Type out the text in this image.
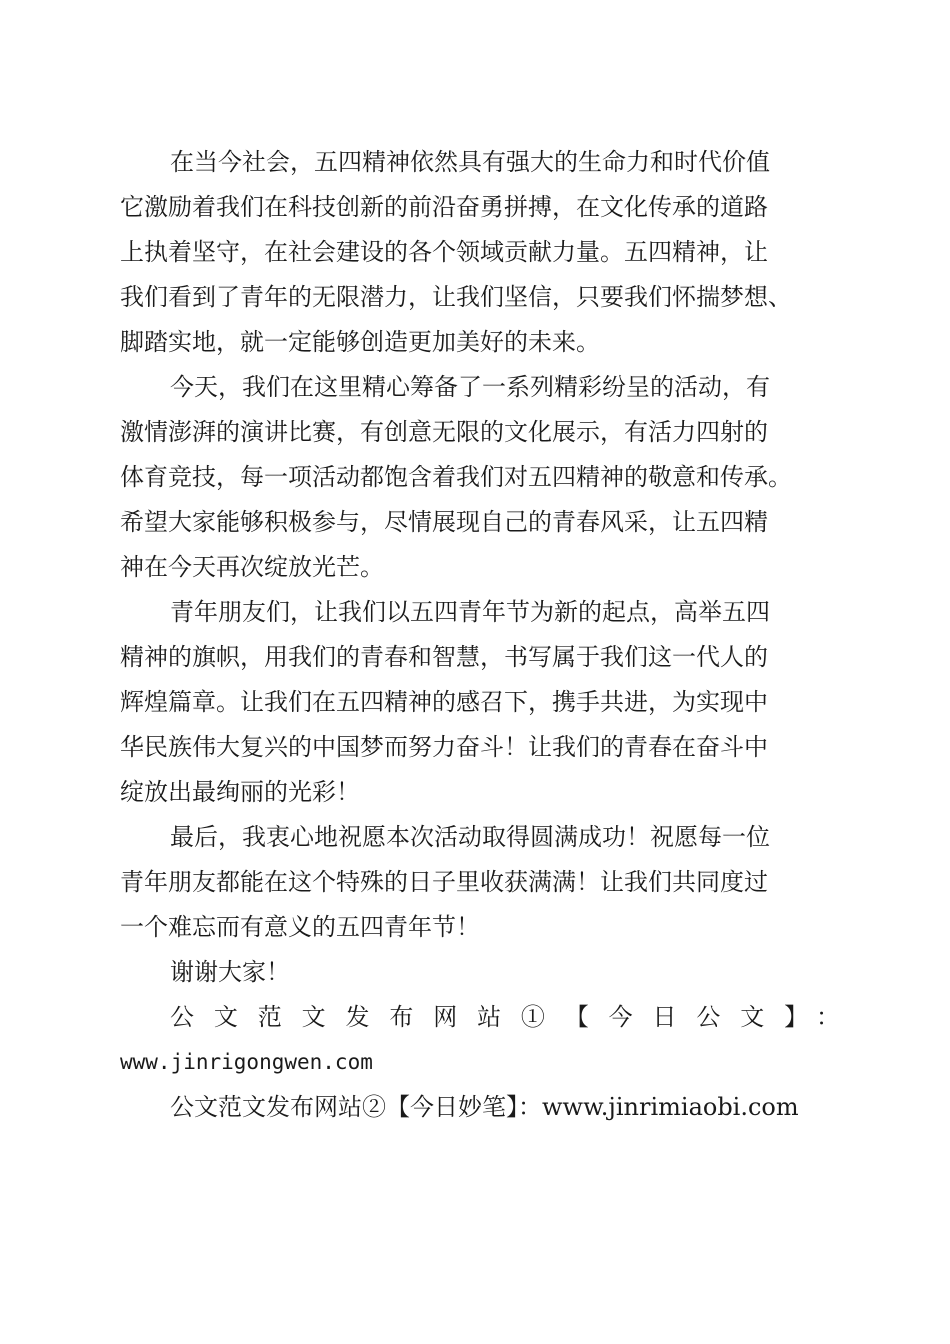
在当今社会，五四精神依然具有强大的生命力和时代价值
它激励着我们在科技创新的前沿奋勇拼搏，在文化传承的道路
上执着坚守，在社会建设的各个领域贡献力量。五四精神，让
我们看到了青年的无限潜力，让我们坚信，只要我们怀揣梦想、
脚踏实地，就一定能够创造更加美好的未来。
今天，我们在这里精心筹备了一系列精彩纷呈的活动，有
激情澎湃的演讲比赛，有创意无限的文化展示，有活力四射的
体育竞技，每一项活动都饱含着我们对五四精神的敬意和传承。
希望大家能够积极参与，尽情展现自己的青春风采，让五四精
神在今天再次绽放光芒。
青年朋友们，让我们以五四青年节为新的起点，高举五四
精神的旗帜，用我们的青春和智慧，书写属于我们这一代人的
辉煌篇章。让我们在五四精神的感召下，携手共进，为实现中
华民族伟大复兴的中国梦而努力奋斗！让我们的青春在奋斗中
绽放出最绚丽的光彩！
最后，我衷心地祝愿本次活动取得圆满成功！祝愿每一位
青年朋友都能在这个特殊的日子里收获满满！让我们共同度过
一个难忘而有意义的五四青年节！
谢谢大家！
公文范文发布网站①【今日公文】：
www.jinrigongwen.com
公文范文发布网站②【今日妙笔】：www.jinrimiaobi.com
